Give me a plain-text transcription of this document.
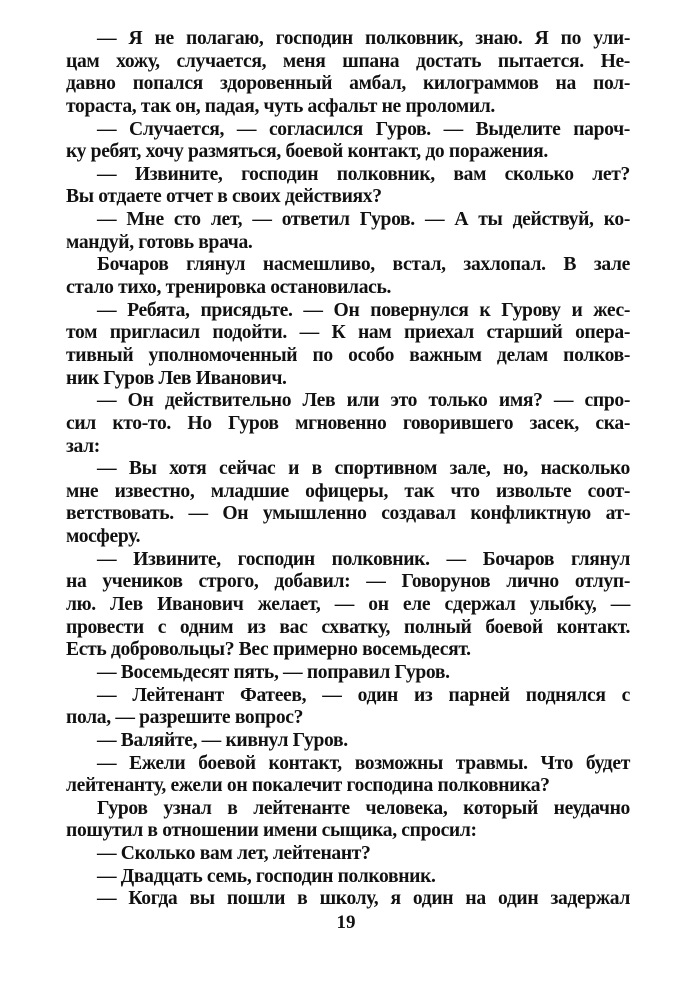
— Я не полагаю, господин полковник, знаю. Я по ули-
цам хожу, случается, меня шпана достать пытается. Не-
давно попался здоровенный амбал, килограммов на пол-
тораста, так он, падая, чуть асфальт не проломил.
— Случается, — согласился Гуров. — Выделите пароч-
ку ребят, хочу размяться, боевой контакт, до поражения.
— Извините, господин полковник, вам сколько лет?
Вы отдаете отчет в своих действиях?
— Мне сто лет, — ответил Гуров. — А ты действуй, ко-
мандуй, готовь врача.
Бочаров глянул насмешливо, встал, захлопал. В зале
стало тихо, тренировка остановилась.
— Ребята, присядьте. — Он повернулся к Гурову и жес-
том пригласил подойти. — К нам приехал старший опера-
тивный уполномоченный по особо важным делам полков-
ник Гуров Лев Иванович.
— Он действительно Лев или это только имя? — спро-
сил кто-то. Но Гуров мгновенно говорившего засек, ска-
зал:
— Вы хотя сейчас и в спортивном зале, но, насколько
мне известно, младшие офицеры, так что извольте соот-
ветствовать. — Он умышленно создавал конфликтную ат-
мосферу.
— Извините, господин полковник. — Бочаров глянул
на учеников строго, добавил: — Говорунов лично отлуп-
лю. Лев Иванович желает, — он еле сдержал улыбку, —
провести с одним из вас схватку, полный боевой контакт.
Есть добровольцы? Вес примерно восемьдесят.
— Восемьдесят пять, — поправил Гуров.
— Лейтенант Фатеев, — один из парней поднялся с
пола, — разрешите вопрос?
— Валяйте, — кивнул Гуров.
— Ежели боевой контакт, возможны травмы. Что будет
лейтенанту, ежели он покалечит господина полковника?
Гуров узнал в лейтенанте человека, который неудачно
пошутил в отношении имени сыщика, спросил:
— Сколько вам лет, лейтенант?
— Двадцать семь, господин полковник.
— Когда вы пошли в школу, я один на один задержал
19
